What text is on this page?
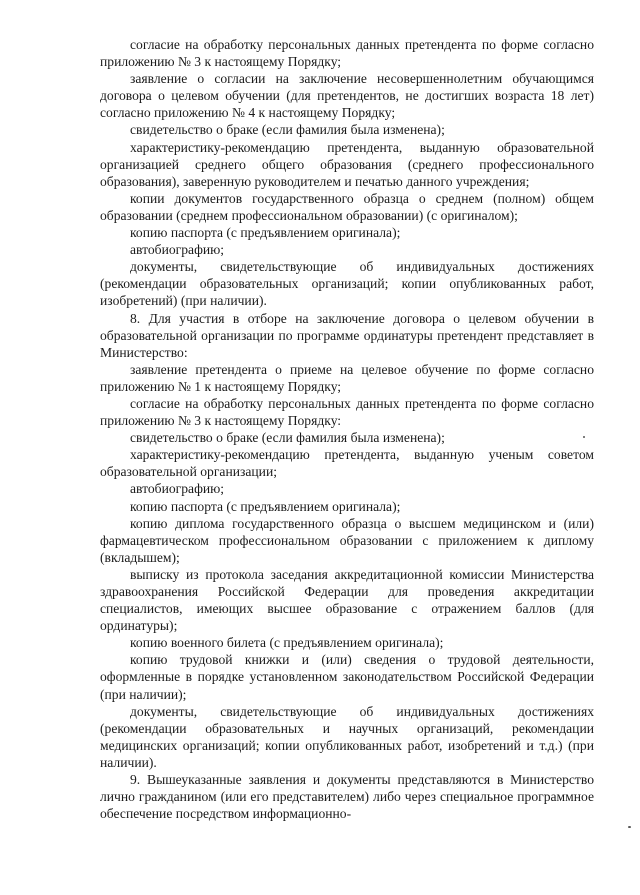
согласие на обработку персональных данных претендента по форме согласно приложению № 3 к настоящему Порядку;

заявление о согласии на заключение несовершеннолетним обучающимся договора о целевом обучении (для претендентов, не достигших возраста 18 лет) согласно приложению № 4 к настоящему Порядку;

свидетельство о браке (если фамилия была изменена);

характеристику-рекомендацию претендента, выданную образовательной организацией среднего общего образования (среднего профессионального образования), заверенную руководителем и печатью данного учреждения;

копии документов государственного образца о среднем (полном) общем образовании (среднем профессиональном образовании) (с оригиналом);

копию паспорта (с предъявлением оригинала);

автобиографию;

документы, свидетельствующие об индивидуальных достижениях (рекомендации образовательных организаций; копии опубликованных работ, изобретений) (при наличии).

8. Для участия в отборе на заключение договора о целевом обучении в образовательной организации по программе ординатуры претендент представляет в Министерство:

заявление претендента о приеме на целевое обучение по форме согласно приложению № 1 к настоящему Порядку;

согласие на обработку персональных данных претендента по форме согласно приложению № 3 к настоящему Порядку:

свидетельство о браке (если фамилия была изменена);

характеристику-рекомендацию претендента, выданную ученым советом образовательной организации;

автобиографию;

копию паспорта (с предъявлением оригинала);

копию диплома государственного образца о высшем медицинском и (или) фармацевтическом профессиональном образовании с приложением к диплому (вкладышем);

выписку из протокола заседания аккредитационной комиссии Министерства здравоохранения Российской Федерации для проведения аккредитации специалистов, имеющих высшее образование с отражением баллов (для ординатуры);

копию военного билета (с предъявлением оригинала);

копию трудовой книжки и (или) сведения о трудовой деятельности, оформленные в порядке установленном законодательством Российской Федерации (при наличии);

документы, свидетельствующие об индивидуальных достижениях (рекомендации образовательных и научных организаций, рекомендации медицинских организаций; копии опубликованных работ, изобретений и т.д.) (при наличии).

9. Вышеуказанные заявления и документы представляются в Министерство лично гражданином (или его представителем) либо через специальное программное обеспечение посредством информационно-
